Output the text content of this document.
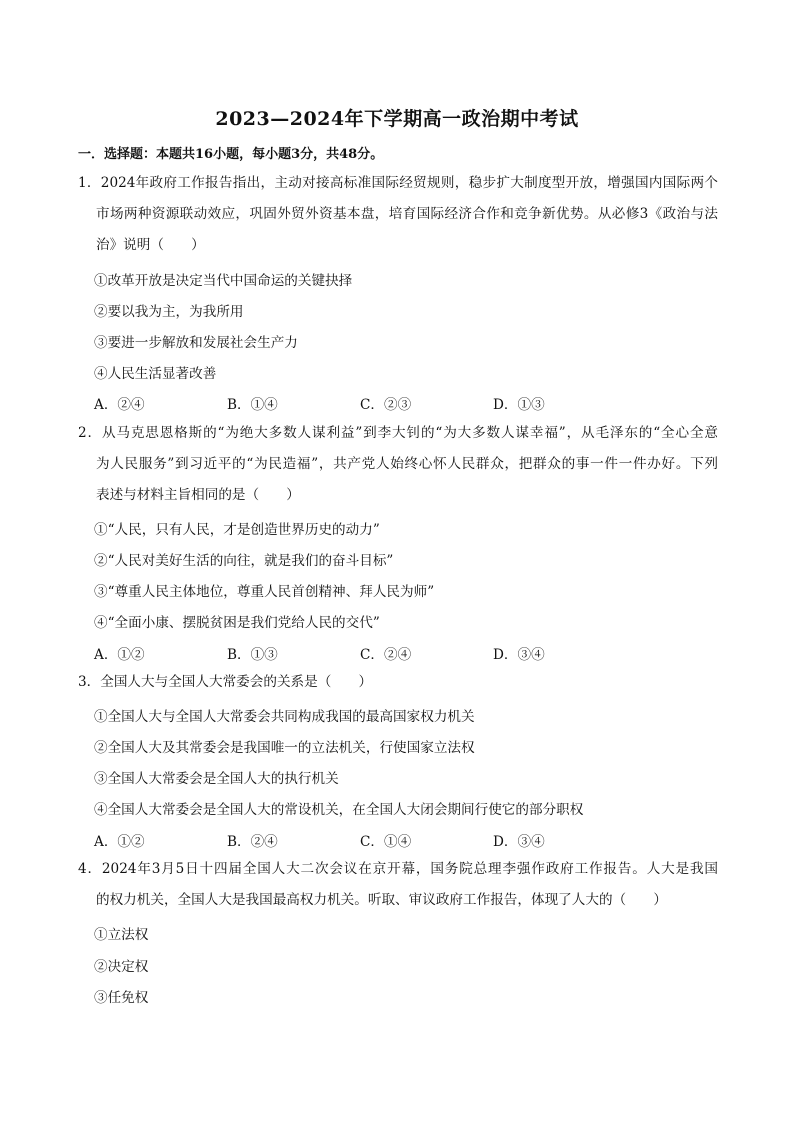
2023—2024年下学期高一政治期中考试
一．选择题：本题共16小题，每小题3分，共48分。
1．2024年政府工作报告指出，主动对接高标准国际经贸规则，稳步扩大制度型开放，增强国内国际两个
市场两种资源联动效应，巩固外贸外资基本盘，培育国际经济合作和竞争新优势。从必修3《政治与法
治》说明（　　）
①改革开放是决定当代中国命运的关键抉择
②要以我为主，为我所用
③要进一步解放和发展社会生产力
④人民生活显著改善
A．②④	B．①④	C．②③	D．①③
2．从马克思恩格斯的“为绝大多数人谋利益”到李大钊的“为大多数人谋幸福”，从毛泽东的“全心全意
为人民服务”到习近平的“为民造福”，共产党人始终心怀人民群众，把群众的事一件一件办好。下列
表述与材料主旨相同的是（　　）
①“人民，只有人民，才是创造世界历史的动力”
②“人民对美好生活的向往，就是我们的奋斗目标”
③“尊重人民主体地位，尊重人民首创精神、拜人民为师”
④“全面小康、摆脱贫困是我们党给人民的交代”
A．①②	B．①③	C．②④	D．③④
3．全国人大与全国人大常委会的关系是（　　）
①全国人大与全国人大常委会共同构成我国的最高国家权力机关
②全国人大及其常委会是我国唯一的立法机关，行使国家立法权
③全国人大常委会是全国人大的执行机关
④全国人大常委会是全国人大的常设机关，在全国人大闭会期间行使它的部分职权
A．①②	B．②④	C．①④	D．③④
4．2024年3月5日十四届全国人大二次会议在京开幕，国务院总理李强作政府工作报告。人大是我国
的权力机关，全国人大是我国最高权力机关。听取、审议政府工作报告，体现了人大的（　　）
①立法权
②决定权
③任免权
